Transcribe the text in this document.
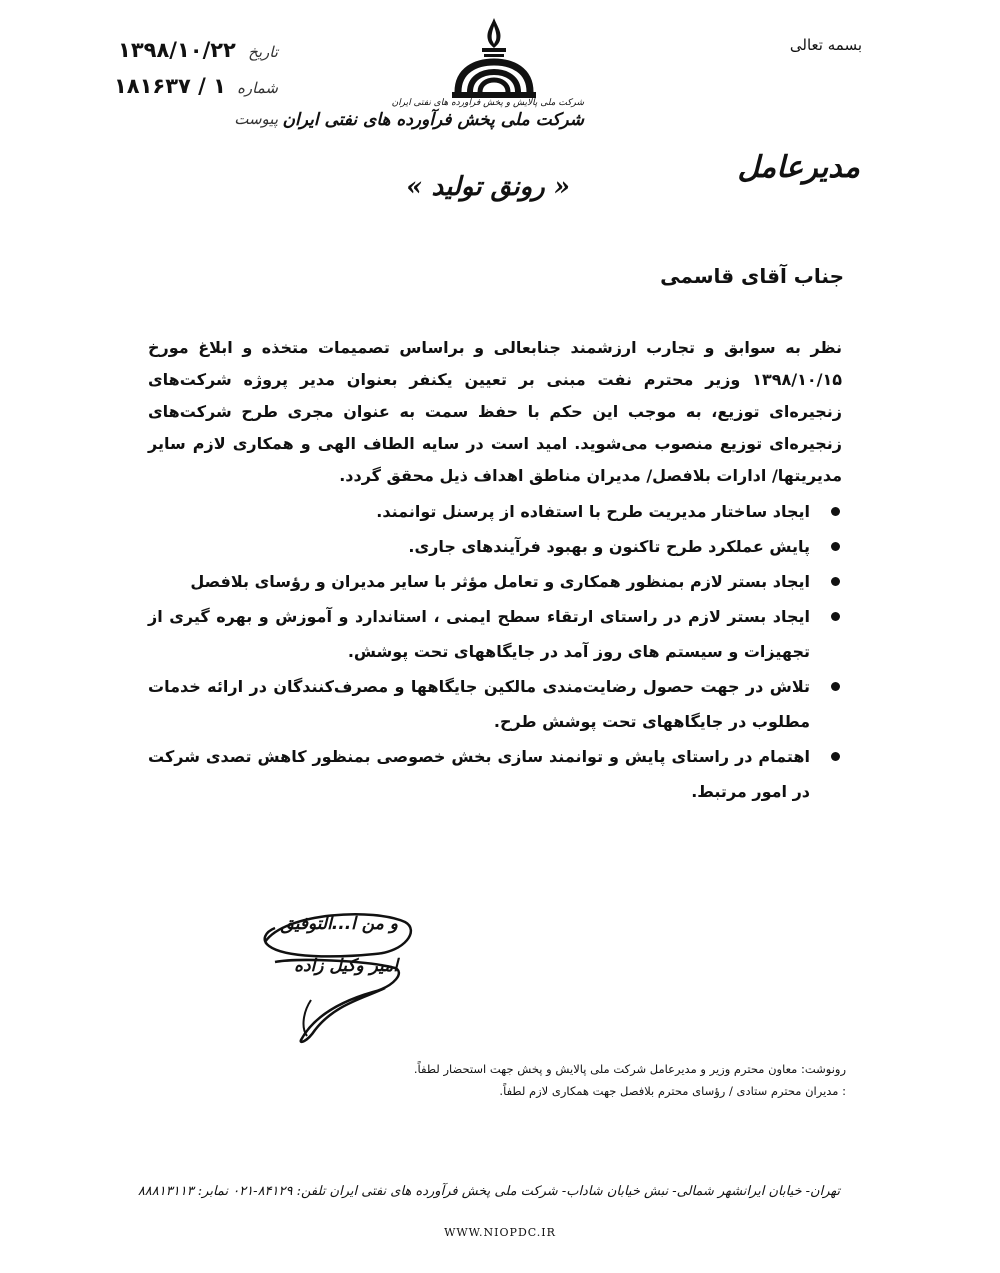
بسمه تعالی
مدیرعامل
تاریخ
۱۳۹۸/۱۰/۲۲
شماره
۱ / ۱۸۱۶۳۷
پیوست
شرکت ملی پالایش و پخش فرآورده های نفتی ایران
شرکت ملی پخش فرآورده های نفتی ایران
« رونق تولید »
جناب آقای قاسمی

نظر به سوابق و تجارب ارزشمند جنابعالی و براساس تصمیمات متخذه و ابلاغ مورخ ۱۳۹۸/۱۰/۱۵ وزیر محترم نفت مبنی بر تعیین یکنفر بعنوان مدیر پروژه شرکت‌های زنجیره‌ای توزیع، به موجب این حکم با حفظ سمت به عنوان مجری طرح شرکت‌های زنجیره‌ای توزیع منصوب می‌شوید. امید است در سایه الطاف الهی و همکاری لازم سایر مدیریتها/ ادارات بلافصل/ مدیران مناطق اهداف ذیل محقق گردد.

ایجاد ساختار مدیریت طرح با استفاده از پرسنل توانمند.
پایش عملکرد طرح تاکنون و بهبود فرآیندهای جاری.
ایجاد بستر لازم بمنظور همکاری و تعامل مؤثر با سایر مدیران و رؤسای بلافصل
ایجاد بستر لازم در راستای ارتقاء سطح ایمنی ، استاندارد و آموزش و بهره گیری از تجهیزات و سیستم های روز آمد در جایگاههای تحت پوشش.
تلاش در جهت حصول رضایت‌مندی مالکین جایگاهها و مصرف‌کنندگان در ارائه خدمات مطلوب در جایگاههای تحت پوشش طرح.
اهتمام در راستای پایش و توانمند سازی بخش خصوصی بمنظور کاهش تصدی شرکت در امور مرتبط.
و من ا...التوفیق
امیر وکیل زاده
رونوشت: معاون محترم وزیر و مدیرعامل شرکت ملی پالایش و پخش جهت استحضار لطفاً.
: مدیران محترم ستادی / رؤسای محترم بلافصل جهت همکاری لازم لطفاً.
تهران- خیابان ایرانشهر شمالی- نبش خیابان شاداب- شرکت ملی پخش فرآورده های نفتی ایران تلفن: ۸۴۱۲۹-۰۲۱ نمابر: ۸۸۸۱۳۱۱۳
WWW.NIOPDC.IR
